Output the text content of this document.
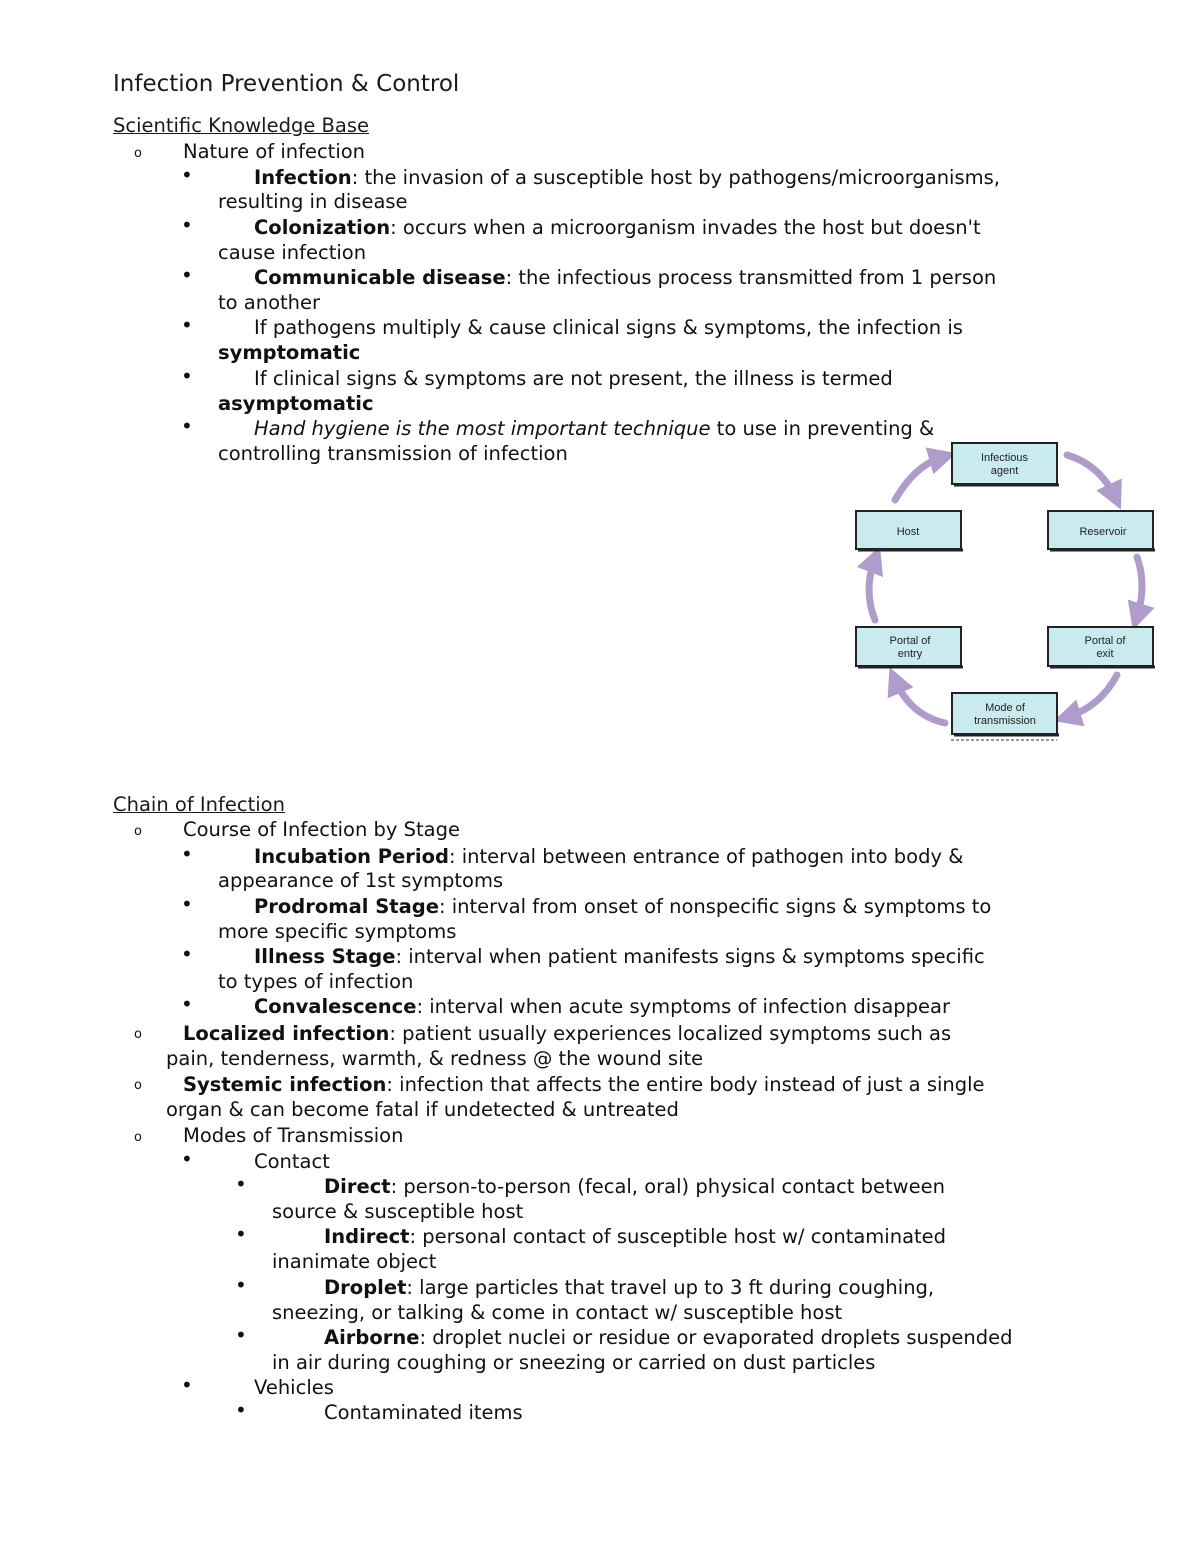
Infection Prevention & Control
Scientific Knowledge Base
o Nature of infection
•	Infection: the invasion of a susceptible host by pathogens/microorganisms,
resulting in disease
•	Colonization: occurs when a microorganism invades the host but doesn't
cause infection
•	Communicable disease: the infectious process transmitted from 1 person
to another
•	If pathogens multiply & cause clinical signs & symptoms, the infection is
symptomatic
•	If clinical signs & symptoms are not present, the illness is termed
asymptomatic
•	Hand hygiene is the most important technique to use in preventing &
controlling transmission of infection	Infectious
agent
Reservoir
Host
Portal of
exit
Portal of
entry
Mode of
transmission
Chain of Infection
o Course of Infection by Stage
•	Incubation Period: interval between entrance of pathogen into body &
appearance of 1st symptoms
•	Prodromal Stage: interval from onset of nonspecific signs & symptoms to
more specific symptoms
•	Illness Stage: interval when patient manifests signs & symptoms specific
to types of infection
•	Convalescence: interval when acute symptoms of infection disappear
o Localized infection: patient usually experiences localized symptoms such as
pain, tenderness, warmth, & redness @ the wound site
o Systemic infection: infection that affects the entire body instead of just a single
organ & can become fatal if undetected & untreated
o Modes of Transmission
•	Contact
•	Direct: person-to-person (fecal, oral) physical contact between
source & susceptible host
•	Indirect: personal contact of susceptible host w/ contaminated
inanimate object
•	Droplet: large particles that travel up to 3 ft during coughing,
sneezing, or talking & come in contact w/ susceptible host
•	Airborne: droplet nuclei or residue or evaporated droplets suspended
in air during coughing or sneezing or carried on dust particles
•	Vehicles
•	Contaminated items
